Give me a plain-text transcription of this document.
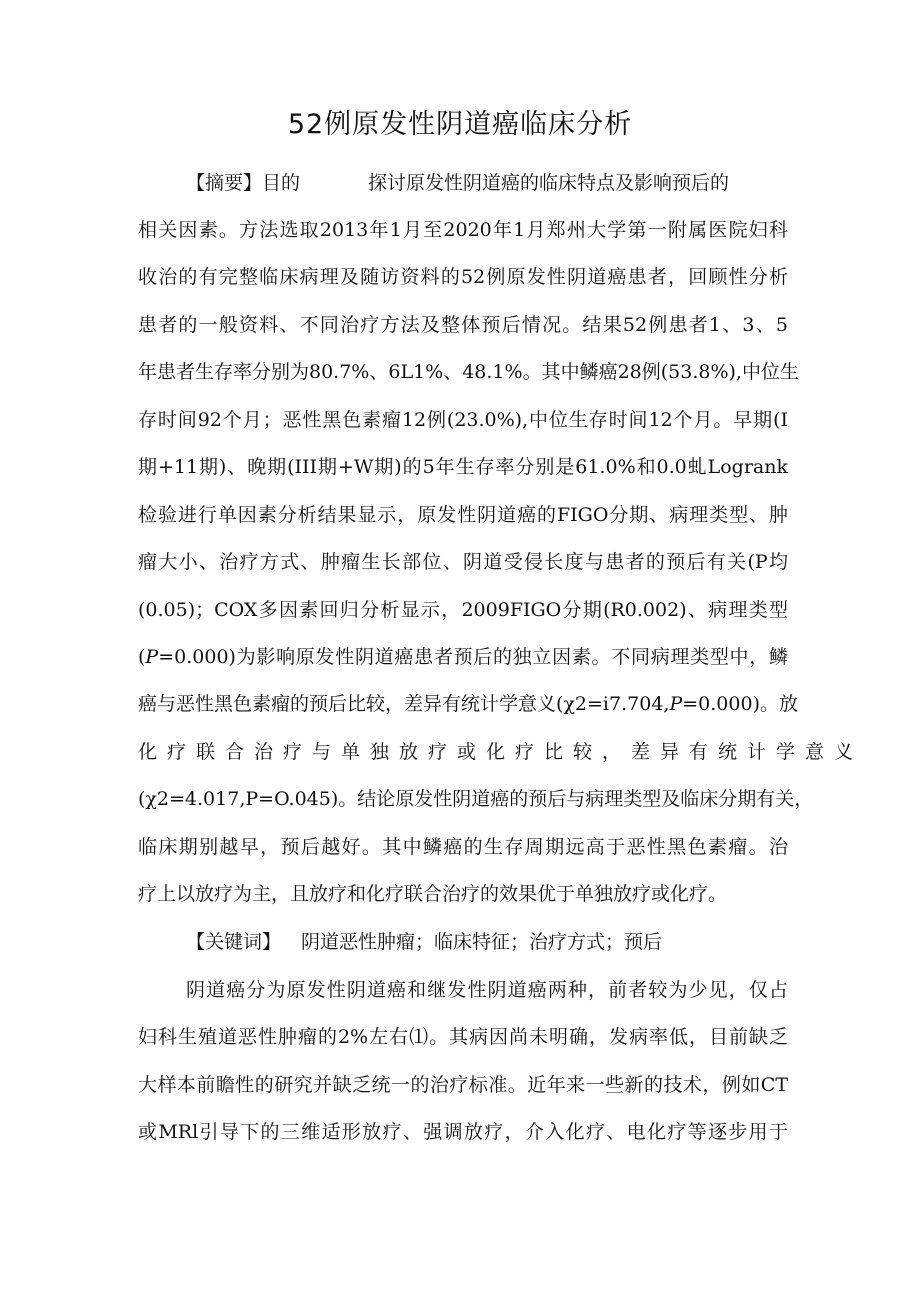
52例原发性阴道癌临床分析
【摘要】目的	探讨原发性阴道癌的临床特点及影响预后的
相关因素。方法选取2013年1月至2020年1月郑州大学第一附属医院妇科
收治的有完整临床病理及随访资料的52例原发性阴道癌患者，回顾性分析
患者的一般资料、不同治疗方法及整体预后情况。结果52例患者1、3、5
年患者生存率分别为80.7%、6L1%、48.1%。其中鳞癌28例(53.8%),中位生
存时间92个月；恶性黑色素瘤12例(23.0%),中位生存时间12个月。早期(I
期+11期)、晚期(III期+W期)的5年生存率分别是61.0%和0.0虬Logrank
检验进行单因素分析结果显示，原发性阴道癌的FIGO分期、病理类型、肿
瘤大小、治疗方式、肿瘤生长部位、阴道受侵长度与患者的预后有关(P均
(0.05)；COX多因素回归分析显示，2009FIGO分期(R0.002)、病理类型
(P=0.000)为影响原发性阴道癌患者预后的独立因素。不同病理类型中，鳞
癌与恶性黑色素瘤的预后比较，差异有统计学意义(χ2=i7.704,P=0.000)。放
化疗联合治疗与单独放疗或化疗比较，差异有统计学意义
(χ2=4.017,P=O.045)。结论原发性阴道癌的预后与病理类型及临床分期有关，
临床期别越早，预后越好。其中鳞癌的生存周期远高于恶性黑色素瘤。治
疗上以放疗为主，且放疗和化疗联合治疗的效果优于单独放疗或化疗。
【关键词】 阴道恶性肿瘤；临床特征；治疗方式；预后
阴道癌分为原发性阴道癌和继发性阴道癌两种，前者较为少见，仅占
妇科生殖道恶性肿瘤的2%左右⑴。其病因尚未明确，发病率低，目前缺乏
大样本前瞻性的研究并缺乏统一的治疗标准。近年来一些新的技术，例如CT
或MRl引导下的三维适形放疗、强调放疗，介入化疗、电化疗等逐步用于
